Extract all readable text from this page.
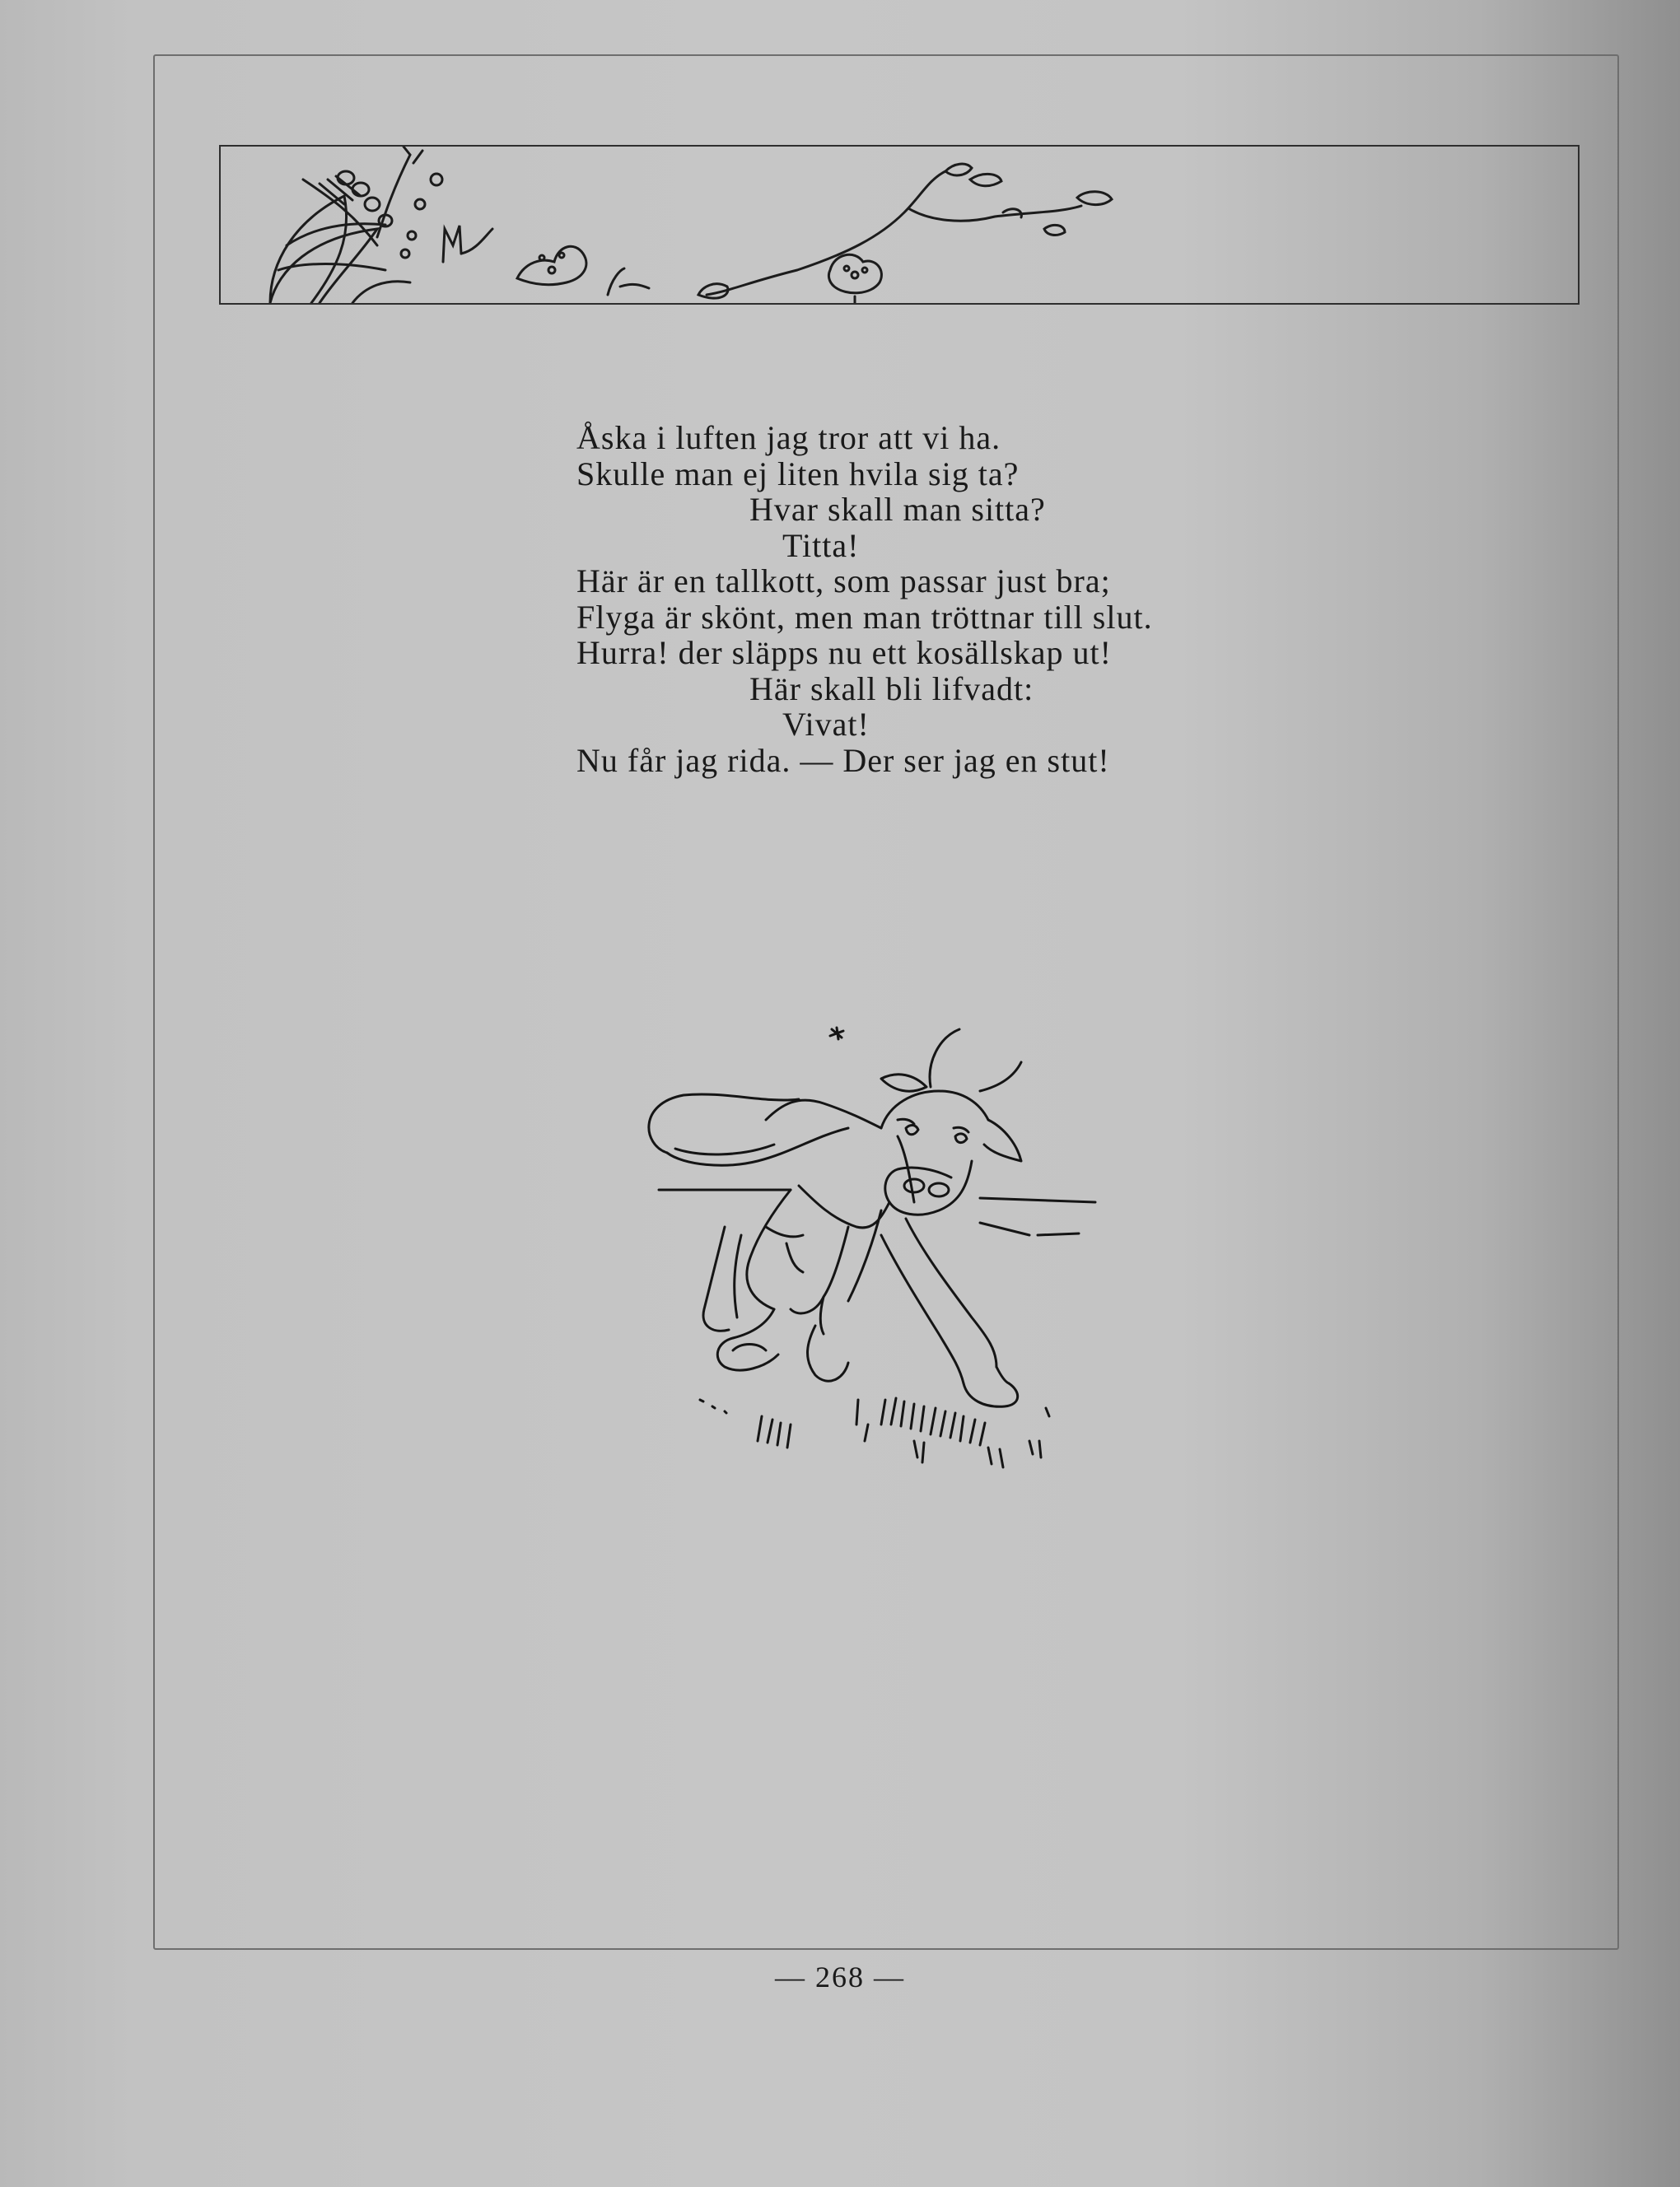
Åska i luften jag tror att vi ha.
Skulle man ej liten hvila sig ta?
Hvar skall man sitta?
Titta!
Här är en tallkott, som passar just bra;
Flyga är skönt, men man tröttnar till slut.
Hurra! der släpps nu ett kosällskap ut!
Här skall bli lifvadt:
Vivat!
Nu får jag rida. — Der ser jag en stut!
— 268 —
